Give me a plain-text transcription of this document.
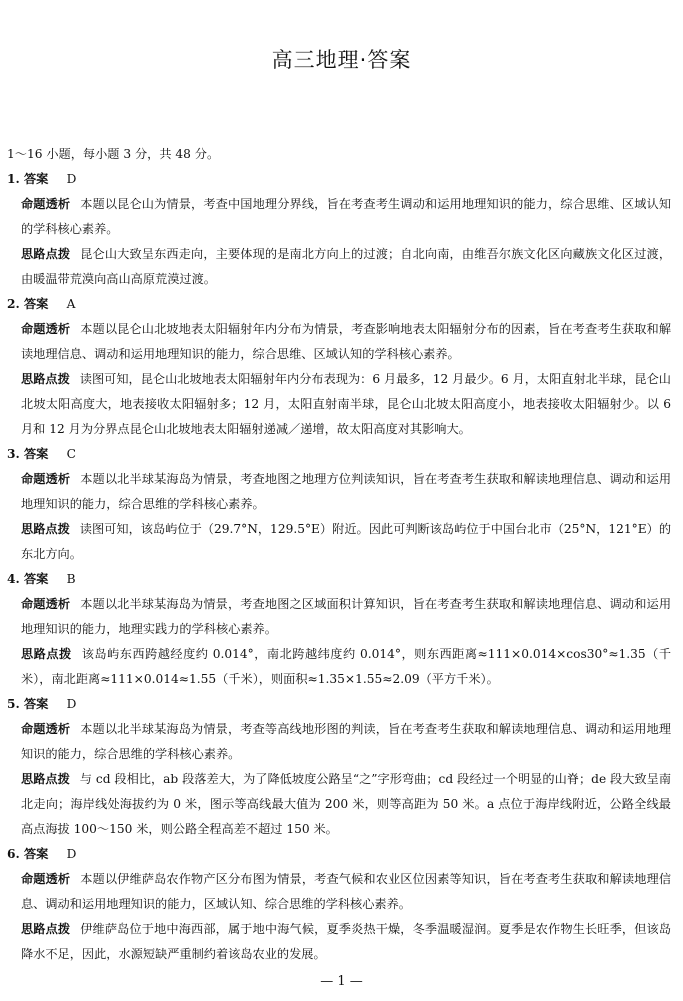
高三地理·答案

1～16 小题，每小题 3 分，共 48 分。

1. 答案 D

命题透析 本题以昆仑山为情景，考查中国地理分界线，旨在考查考生调动和运用地理知识的能力，综合思维、区域认知的学科核心素养。

思路点拨 昆仑山大致呈东西走向，主要体现的是南北方向上的过渡；自北向南，由维吾尔族文化区向藏族文化区过渡，由暖温带荒漠向高山高原荒漠过渡。

2. 答案 A

命题透析 本题以昆仑山北坡地表太阳辐射年内分布为情景，考查影响地表太阳辐射分布的因素，旨在考查考生获取和解读地理信息、调动和运用地理知识的能力，综合思维、区域认知的学科核心素养。

思路点拨 读图可知，昆仑山北坡地表太阳辐射年内分布表现为：6 月最多，12 月最少。6 月，太阳直射北半球，昆仑山北坡太阳高度大，地表接收太阳辐射多；12 月，太阳直射南半球，昆仑山北坡太阳高度小，地表接收太阳辐射少。以 6 月和 12 月为分界点昆仑山北坡地表太阳辐射递减／递增，故太阳高度对其影响大。

3. 答案 C

命题透析 本题以北半球某海岛为情景，考查地图之地理方位判读知识，旨在考查考生获取和解读地理信息、调动和运用地理知识的能力，综合思维的学科核心素养。

思路点拨 读图可知，该岛屿位于（29.7°N，129.5°E）附近。因此可判断该岛屿位于中国台北市（25°N，121°E）的东北方向。

4. 答案 B

命题透析 本题以北半球某海岛为情景，考查地图之区域面积计算知识，旨在考查考生获取和解读地理信息、调动和运用地理知识的能力，地理实践力的学科核心素养。

思路点拨 该岛屿东西跨越经度约 0.014°，南北跨越纬度约 0.014°，则东西距离≈111×0.014×cos30°≈1.35（千米），南北距离≈111×0.014≈1.55（千米），则面积≈1.35×1.55≈2.09（平方千米）。

5. 答案 D

命题透析 本题以北半球某海岛为情景，考查等高线地形图的判读，旨在考查考生获取和解读地理信息、调动和运用地理知识的能力，综合思维的学科核心素养。

思路点拨 与 cd 段相比，ab 段落差大，为了降低坡度公路呈“之”字形弯曲；cd 段经过一个明显的山脊；de 段大致呈南北走向；海岸线处海拔约为 0 米，图示等高线最大值为 200 米，则等高距为 50 米。a 点位于海岸线附近，公路全线最高点海拔 100～150 米，则公路全程高差不超过 150 米。

6. 答案 D

命题透析 本题以伊维萨岛农作物产区分布图为情景，考查气候和农业区位因素等知识，旨在考查考生获取和解读地理信息、调动和运用地理知识的能力，区域认知、综合思维的学科核心素养。

思路点拨 伊维萨岛位于地中海西部，属于地中海气候，夏季炎热干燥，冬季温暖湿润。夏季是农作物生长旺季，但该岛降水不足，因此，水源短缺严重制约着该岛农业的发展。

— 1 —
